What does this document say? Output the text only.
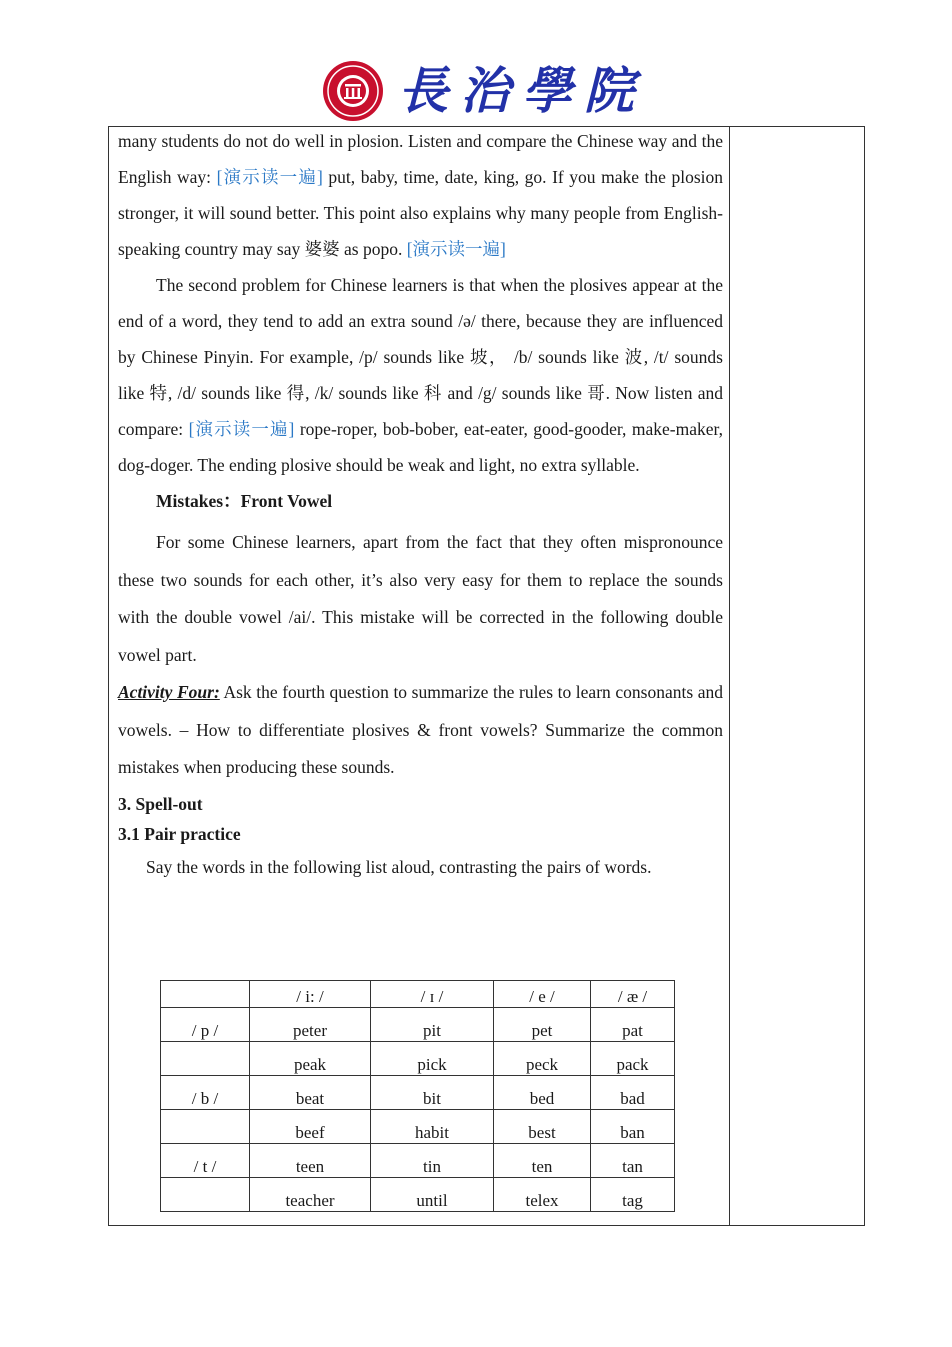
長治學院

many students do not do well in plosion. Listen and compare the Chinese way and the English way: [演示读一遍] put, baby, time, date, king, go. If you make the plosion stronger, it will sound better. This point also explains why many people from English-speaking country may say 婆婆 as popo. [演示读一遍]

The second problem for Chinese learners is that when the plosives appear at the end of a word, they tend to add an extra sound /ə/ there, because they are influenced by Chinese Pinyin. For example, /p/ sounds like 坡， /b/ sounds like 波, /t/ sounds like 特, /d/ sounds like 得, /k/ sounds like 科 and /g/ sounds like 哥. Now listen and compare: [演示读一遍] rope-roper, bob-bober, eat-eater, good-gooder, make-maker, dog-doger. The ending plosive should be weak and light, no extra syllable.

Mistakes：Front Vowel

For some Chinese learners, apart from the fact that they often mispronounce these two sounds for each other, it’s also very easy for them to replace the sounds with the double vowel /ai/. This mistake will be corrected in the following double vowel part.

Activity Four: Ask the fourth question to summarize the rules to learn consonants and vowels. – How to differentiate plosives & front vowels? Summarize the common mistakes when producing these sounds.

3. Spell-out

3.1 Pair practice

Say the words in the following list aloud, contrasting the pairs of words.

	/ i: /	/ ɪ /	/ e /	/ æ /
/ p /	peter	pit	pet	pat
	peak	pick	peck	pack
/ b /	beat	bit	bed	bad
	beef	habit	best	ban
/ t /	teen	tin	ten	tan
	teacher	until	telex	tag
